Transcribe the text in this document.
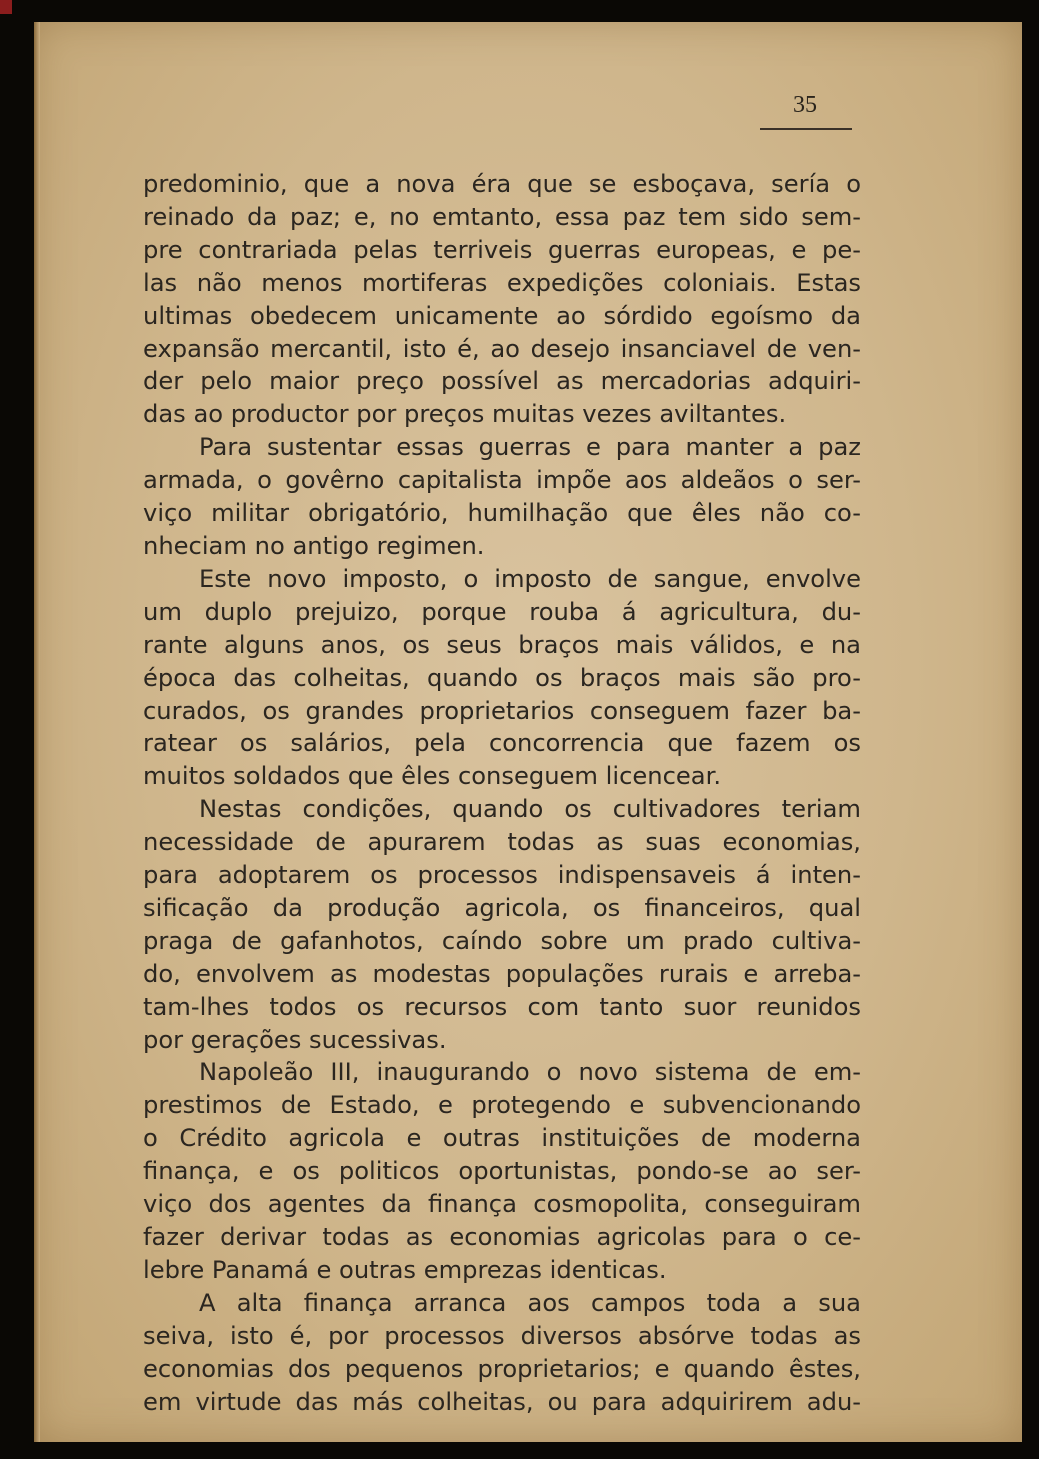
35
predominio, que a nova éra que se esboçava, sería o
reinado da paz; e, no emtanto, essa paz tem sido sem-
pre contrariada pelas terriveis guerras europeas, e pe-
las não menos mortiferas expedições coloniais. Estas
ultimas obedecem unicamente ao sórdido egoísmo da
expansão mercantil, isto é, ao desejo insanciavel de ven-
der pelo maior preço possível as mercadorias adquiri-
das ao productor por preços muitas vezes aviltantes.
Para sustentar essas guerras e para manter a paz
armada, o govêrno capitalista impõe aos aldeãos o ser-
viço militar obrigatório, humilhação que êles não co-
nheciam no antigo regimen.
Este novo imposto, o imposto de sangue, envolve
um duplo prejuizo, porque rouba á agricultura, du-
rante alguns anos, os seus braços mais válidos, e na
época das colheitas, quando os braços mais são pro-
curados, os grandes proprietarios conseguem fazer ba-
ratear os salários, pela concorrencia que fazem os
muitos soldados que êles conseguem licencear.
Nestas condições, quando os cultivadores teriam
necessidade de apurarem todas as suas economias,
para adoptarem os processos indispensaveis á inten-
sificação da produção agricola, os financeiros, qual
praga de gafanhotos, caíndo sobre um prado cultiva-
do, envolvem as modestas populações rurais e arreba-
tam-lhes todos os recursos com tanto suor reunidos
por gerações sucessivas.
Napoleão III, inaugurando o novo sistema de em-
prestimos de Estado, e protegendo e subvencionando
o Crédito agricola e outras instituições de moderna
finança, e os politicos oportunistas, pondo-se ao ser-
viço dos agentes da finança cosmopolita, conseguiram
fazer derivar todas as economias agricolas para o ce-
lebre Panamá e outras emprezas identicas.
A alta finança arranca aos campos toda a sua
seiva, isto é, por processos diversos absórve todas as
economias dos pequenos proprietarios; e quando êstes,
em virtude das más colheitas, ou para adquirirem adu-
